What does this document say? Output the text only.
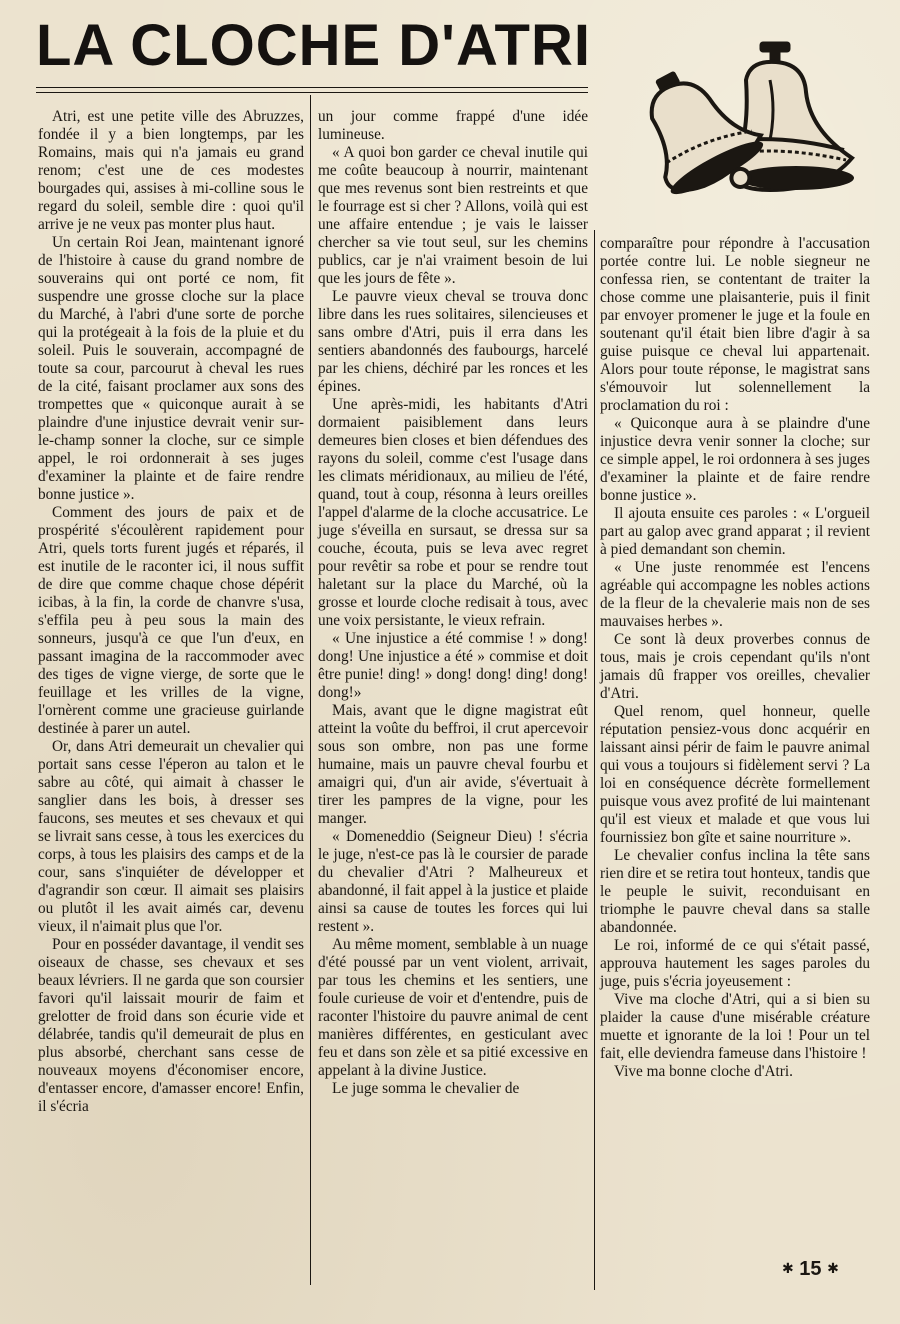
LA CLOCHE D'ATRI

Atri, est une petite ville des Abruzzes, fondée il y a bien longtemps, par les Romains, mais qui n'a jamais eu grand renom; c'est une de ces modestes bourgades qui, assises à mi-colline sous le regard du soleil, semble dire : quoi qu'il arrive je ne veux pas monter plus haut.

Un certain Roi Jean, maintenant ignoré de l'histoire à cause du grand nombre de souverains qui ont porté ce nom, fit suspendre une grosse cloche sur la place du Marché, à l'abri d'une sorte de porche qui la protégeait à la fois de la pluie et du soleil. Puis le souverain, accompagné de toute sa cour, parcourut à cheval les rues de la cité, faisant proclamer aux sons des trompettes que « quiconque aurait à se plaindre d'une injustice devrait venir sur-le-champ sonner la cloche, sur ce simple appel, le roi ordonnerait à ses juges d'examiner la plainte et de faire rendre bonne justice ».

Comment des jours de paix et de prospérité s'écoulèrent rapidement pour Atri, quels torts furent jugés et réparés, il est inutile de le raconter ici, il nous suffit de dire que comme chaque chose dépérit icibas, à la fin, la corde de chanvre s'usa, s'effila peu à peu sous la main des sonneurs, jusqu'à ce que l'un d'eux, en passant imagina de la raccommoder avec des tiges de vigne vierge, de sorte que le feuillage et les vrilles de la vigne, l'ornèrent comme une gracieuse guirlande destinée à parer un autel.

Or, dans Atri demeurait un chevalier qui portait sans cesse l'éperon au talon et le sabre au côté, qui aimait à chasser le sanglier dans les bois, à dresser ses faucons, ses meutes et ses chevaux et qui se livrait sans cesse, à tous les exercices du corps, à tous les plaisirs des camps et de la cour, sans s'inquiéter de développer et d'agrandir son cœur. Il aimait ses plaisirs ou plutôt il les avait aimés car, devenu vieux, il n'aimait plus que l'or.

Pour en posséder davantage, il vendit ses oiseaux de chasse, ses chevaux et ses beaux lévriers. Il ne garda que son coursier favori qu'il laissait mourir de faim et grelotter de froid dans son écurie vide et délabrée, tandis qu'il demeurait de plus en plus absorbé, cherchant sans cesse de nouveaux moyens d'économiser encore, d'entasser encore, d'amasser encore! Enfin, il s'écria

un jour comme frappé d'une idée lumineuse.

« A quoi bon garder ce cheval inutile qui me coûte beaucoup à nourrir, maintenant que mes revenus sont bien restreints et que le fourrage est si cher ? Allons, voilà qui est une affaire entendue ; je vais le laisser chercher sa vie tout seul, sur les chemins publics, car je n'ai vraiment besoin de lui que les jours de fête ».

Le pauvre vieux cheval se trouva donc libre dans les rues solitaires, silencieuses et sans ombre d'Atri, puis il erra dans les sentiers abandonnés des faubourgs, harcelé par les chiens, déchiré par les ronces et les épines.

Une après-midi, les habitants d'Atri dormaient paisiblement dans leurs demeures bien closes et bien défendues des rayons du soleil, comme c'est l'usage dans les climats méridionaux, au milieu de l'été, quand, tout à coup, résonna à leurs oreilles l'appel d'alarme de la cloche accusatrice. Le juge s'éveilla en sursaut, se dressa sur sa couche, écouta, puis se leva avec regret pour revêtir sa robe et pour se rendre tout haletant sur la place du Marché, où la grosse et lourde cloche redisait à tous, avec une voix persistante, le vieux refrain.

« Une injustice a été commise ! » dong! dong! Une injustice a été » commise et doit être punie! ding! » dong! dong! ding! dong! dong!»

Mais, avant que le digne magistrat eût atteint la voûte du beffroi, il crut apercevoir sous son ombre, non pas une forme humaine, mais un pauvre cheval fourbu et amaigri qui, d'un air avide, s'évertuait à tirer les pampres de la vigne, pour les manger.

« Domeneddio (Seigneur Dieu) ! s'écria le juge, n'est-ce pas là le coursier de parade du chevalier d'Atri ? Malheureux et abandonné, il fait appel à la justice et plaide ainsi sa cause de toutes les forces qui lui restent ».

Au même moment, semblable à un nuage d'été poussé par un vent violent, arrivait, par tous les chemins et les sentiers, une foule curieuse de voir et d'entendre, puis de raconter l'histoire du pauvre animal de cent manières différentes, en gesticulant avec feu et dans son zèle et sa pitié excessive en appelant à la divine Justice.

Le juge somma le chevalier de

comparaître pour répondre à l'accusation portée contre lui. Le noble siegneur ne confessa rien, se contentant de traiter la chose comme une plaisanterie, puis il finit par envoyer promener le juge et la foule en soutenant qu'il était bien libre d'agir à sa guise puisque ce cheval lui appartenait. Alors pour toute réponse, le magistrat sans s'émouvoir lut solennellement la proclamation du roi :

« Quiconque aura à se plaindre d'une injustice devra venir sonner la cloche; sur ce simple appel, le roi ordonnera à ses juges d'examiner la plainte et de faire rendre bonne justice ».

Il ajouta ensuite ces paroles : « L'orgueil part au galop avec grand apparat ; il revient à pied demandant son chemin.

« Une juste renommée est l'encens agréable qui accompagne les nobles actions de la fleur de la chevalerie mais non de ses mauvaises herbes ».

Ce sont là deux proverbes connus de tous, mais je crois cependant qu'ils n'ont jamais dû frapper vos oreilles, chevalier d'Atri.

Quel renom, quel honneur, quelle réputation pensiez-vous donc acquérir en laissant ainsi périr de faim le pauvre animal qui vous a toujours si fidèlement servi ? La loi en conséquence décrète formellement puisque vous avez profité de lui maintenant qu'il est vieux et malade et que vous lui fournissiez bon gîte et saine nourriture ».

Le chevalier confus inclina la tête sans rien dire et se retira tout honteux, tandis que le peuple le suivit, reconduisant en triomphe le pauvre cheval dans sa stalle abandonnée.

Le roi, informé de ce qui s'était passé, approuva hautement les sages paroles du juge, puis s'écria joyeusement :

Vive ma cloche d'Atri, qui a si bien su plaider la cause d'une misérable créature muette et ignorante de la loi ! Pour un tel fait, elle deviendra fameuse dans l'histoire !

Vive ma bonne cloche d'Atri.

✱ 15 ✱
